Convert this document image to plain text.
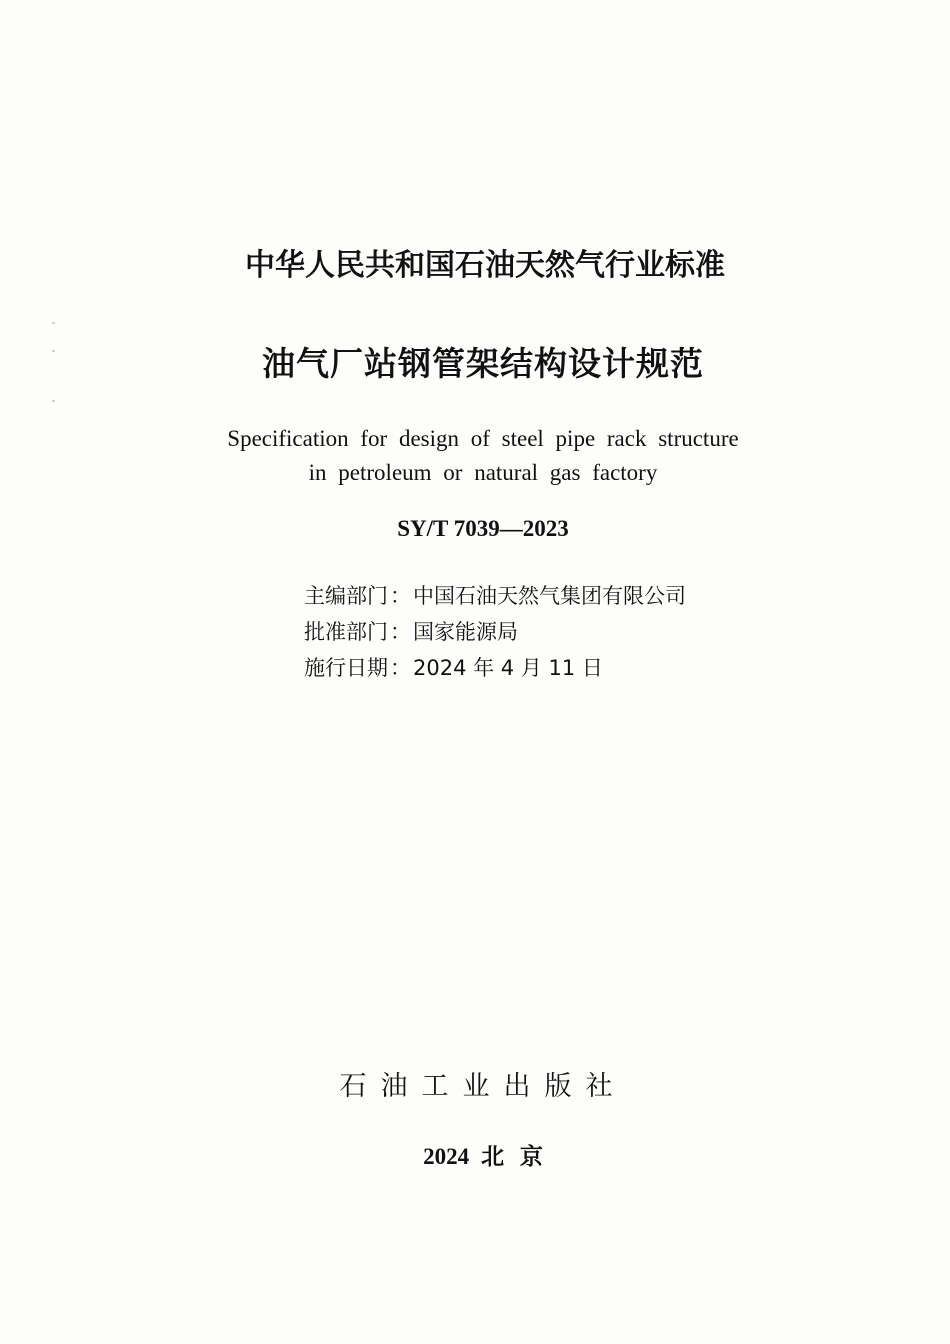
中华人民共和国石油天然气行业标准
油气厂站钢管架结构设计规范
Specification for design of steel pipe rack structure
in petroleum or natural gas factory
SY/T 7039—2023
主编部门：中国石油天然气集团有限公司
批准部门：国家能源局
施行日期：2024 年 4 月 11 日
石油工业出版社
2024 北 京
